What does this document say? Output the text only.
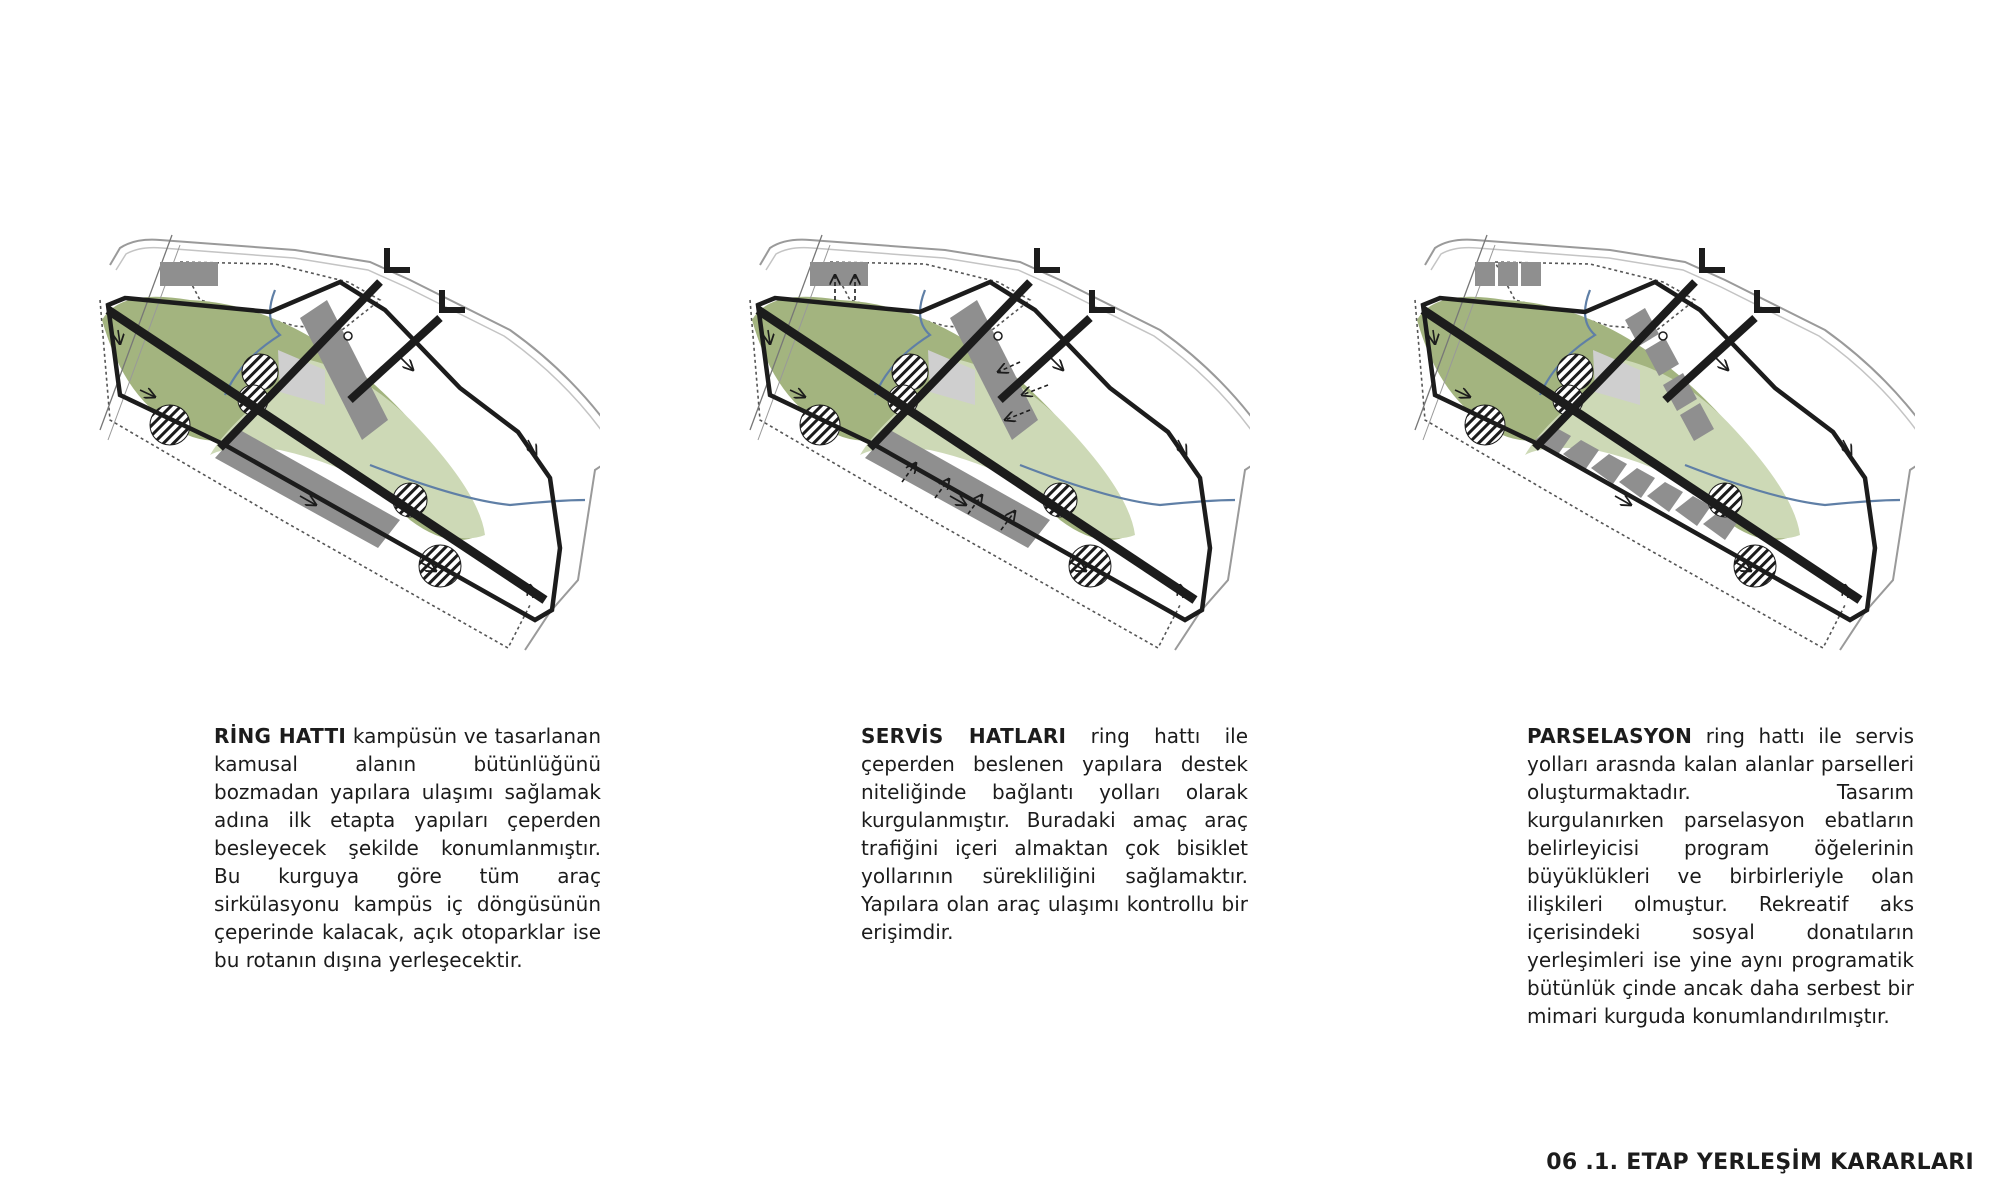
RİNG HATTI kampüsün ve tasarlanan kamusal alanın bütünlüğünü bozmadan yapılara ulaşımı sağlamak adına ilk etapta yapıları çeperden besleyecek şekilde konumlanmıştır. Bu kurguya göre tüm araç sirkülasyonu kampüs iç döngüsünün çeperinde kalacak, açık otoparklar ise bu rotanın dışına yerleşecektir.
SERVİS HATLARI ring hattı ile çeperden beslenen yapılara destek niteliğinde bağlantı yolları olarak kurgulanmıştır. Buradaki amaç araç trafiğini içeri almaktan çok bisiklet yollarının sürekliliğini sağlamaktır. Yapılara olan araç ulaşımı kontrollu bir erişimdir.
PARSELASYON ring hattı ile servis yolları arasnda kalan alanlar parselleri oluşturmaktadır. Tasarım kurgulanırken parselasyon ebatların belirleyicisi program öğelerinin büyüklükleri ve birbirleriyle olan ilişkileri olmuştur. Rekreatif aks içerisindeki sosyal donatıların yerleşimleri ise yine aynı programatik bütünlük çinde ancak daha serbest bir mimari kurguda konumlandırılmıştır.
06 .1. ETAP YERLEŞİM KARARLARI
